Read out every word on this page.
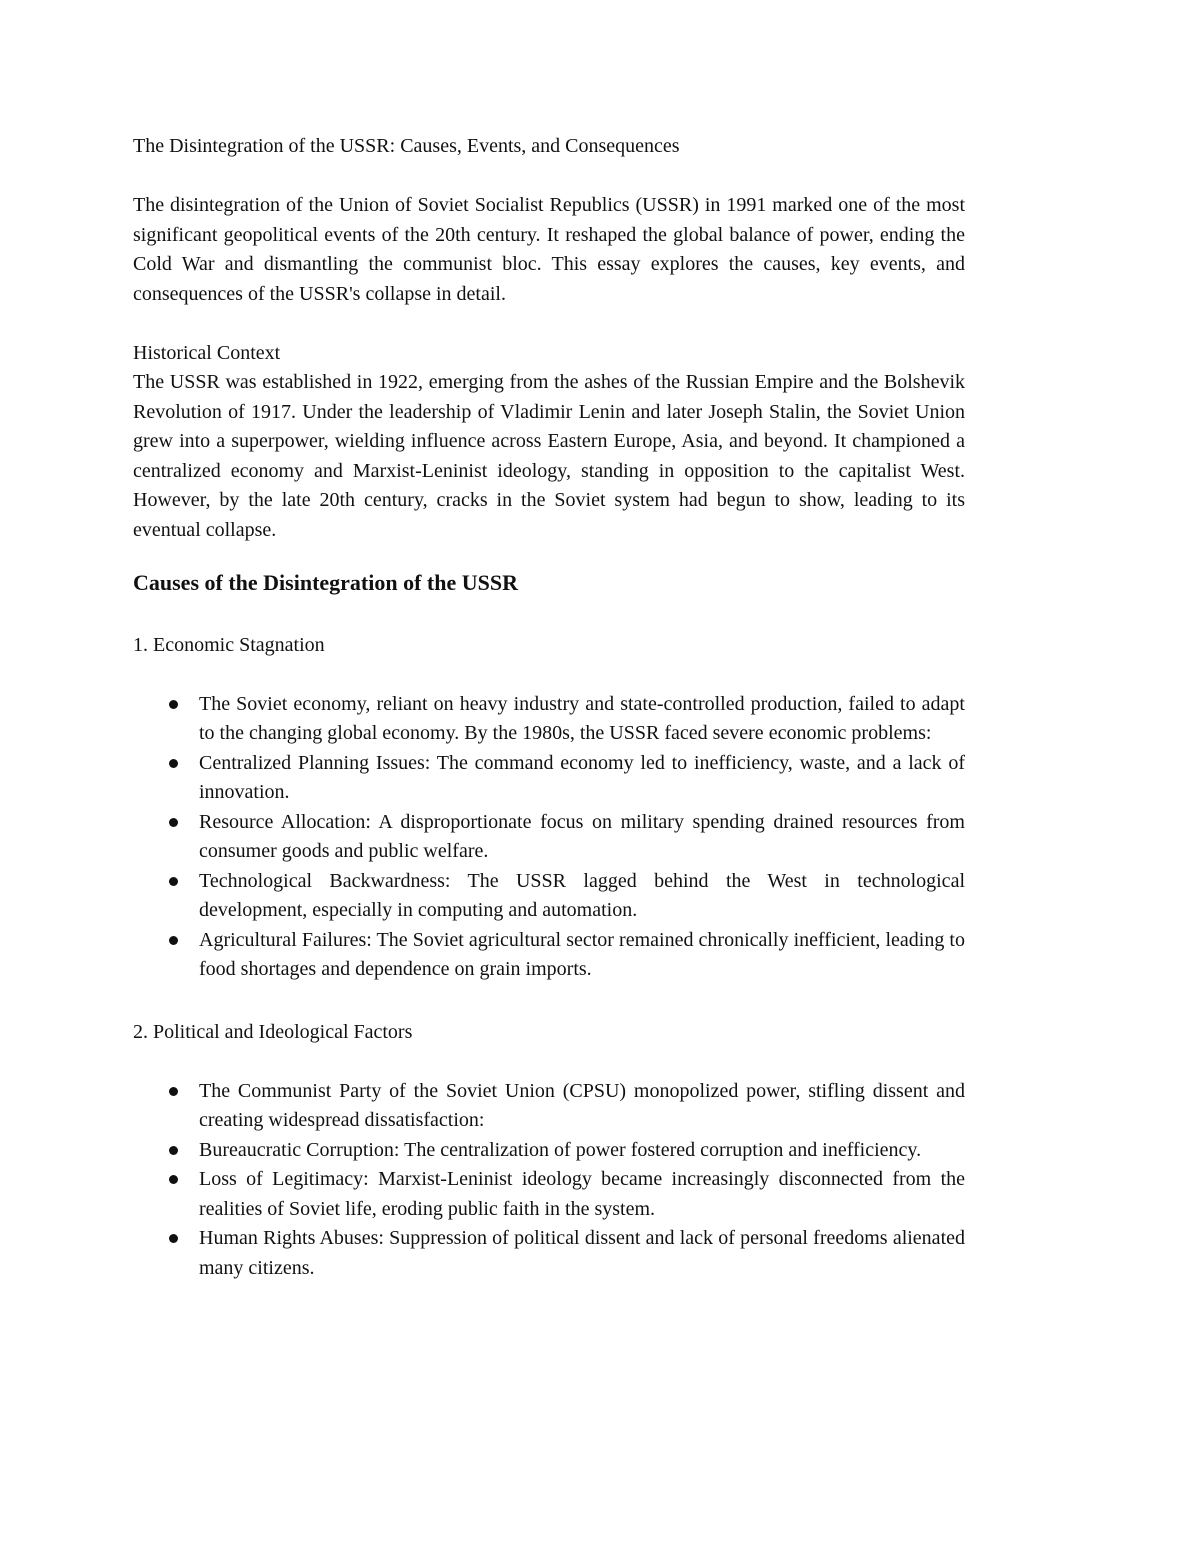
The Disintegration of the USSR: Causes, Events, and Consequences

The disintegration of the Union of Soviet Socialist Republics (USSR) in 1991 marked one of the most significant geopolitical events of the 20th century. It reshaped the global balance of power, ending the Cold War and dismantling the communist bloc. This essay explores the causes, key events, and consequences of the USSR's collapse in detail.

Historical Context

The USSR was established in 1922, emerging from the ashes of the Russian Empire and the Bolshevik Revolution of 1917. Under the leadership of Vladimir Lenin and later Joseph Stalin, the Soviet Union grew into a superpower, wielding influence across Eastern Europe, Asia, and beyond. It championed a centralized economy and Marxist-Leninist ideology, standing in opposition to the capitalist West. However, by the late 20th century, cracks in the Soviet system had begun to show, leading to its eventual collapse.

Causes of the Disintegration of the USSR

1. Economic Stagnation

The Soviet economy, reliant on heavy industry and state-controlled production, failed to adapt to the changing global economy. By the 1980s, the USSR faced severe economic problems:
Centralized Planning Issues: The command economy led to inefficiency, waste, and a lack of innovation.
Resource Allocation: A disproportionate focus on military spending drained resources from consumer goods and public welfare.
Technological Backwardness: The USSR lagged behind the West in technological development, especially in computing and automation.
Agricultural Failures: The Soviet agricultural sector remained chronically inefficient, leading to food shortages and dependence on grain imports.

2. Political and Ideological Factors

The Communist Party of the Soviet Union (CPSU) monopolized power, stifling dissent and creating widespread dissatisfaction:
Bureaucratic Corruption: The centralization of power fostered corruption and inefficiency.
Loss of Legitimacy: Marxist-Leninist ideology became increasingly disconnected from the realities of Soviet life, eroding public faith in the system.
Human Rights Abuses: Suppression of political dissent and lack of personal freedoms alienated many citizens.
